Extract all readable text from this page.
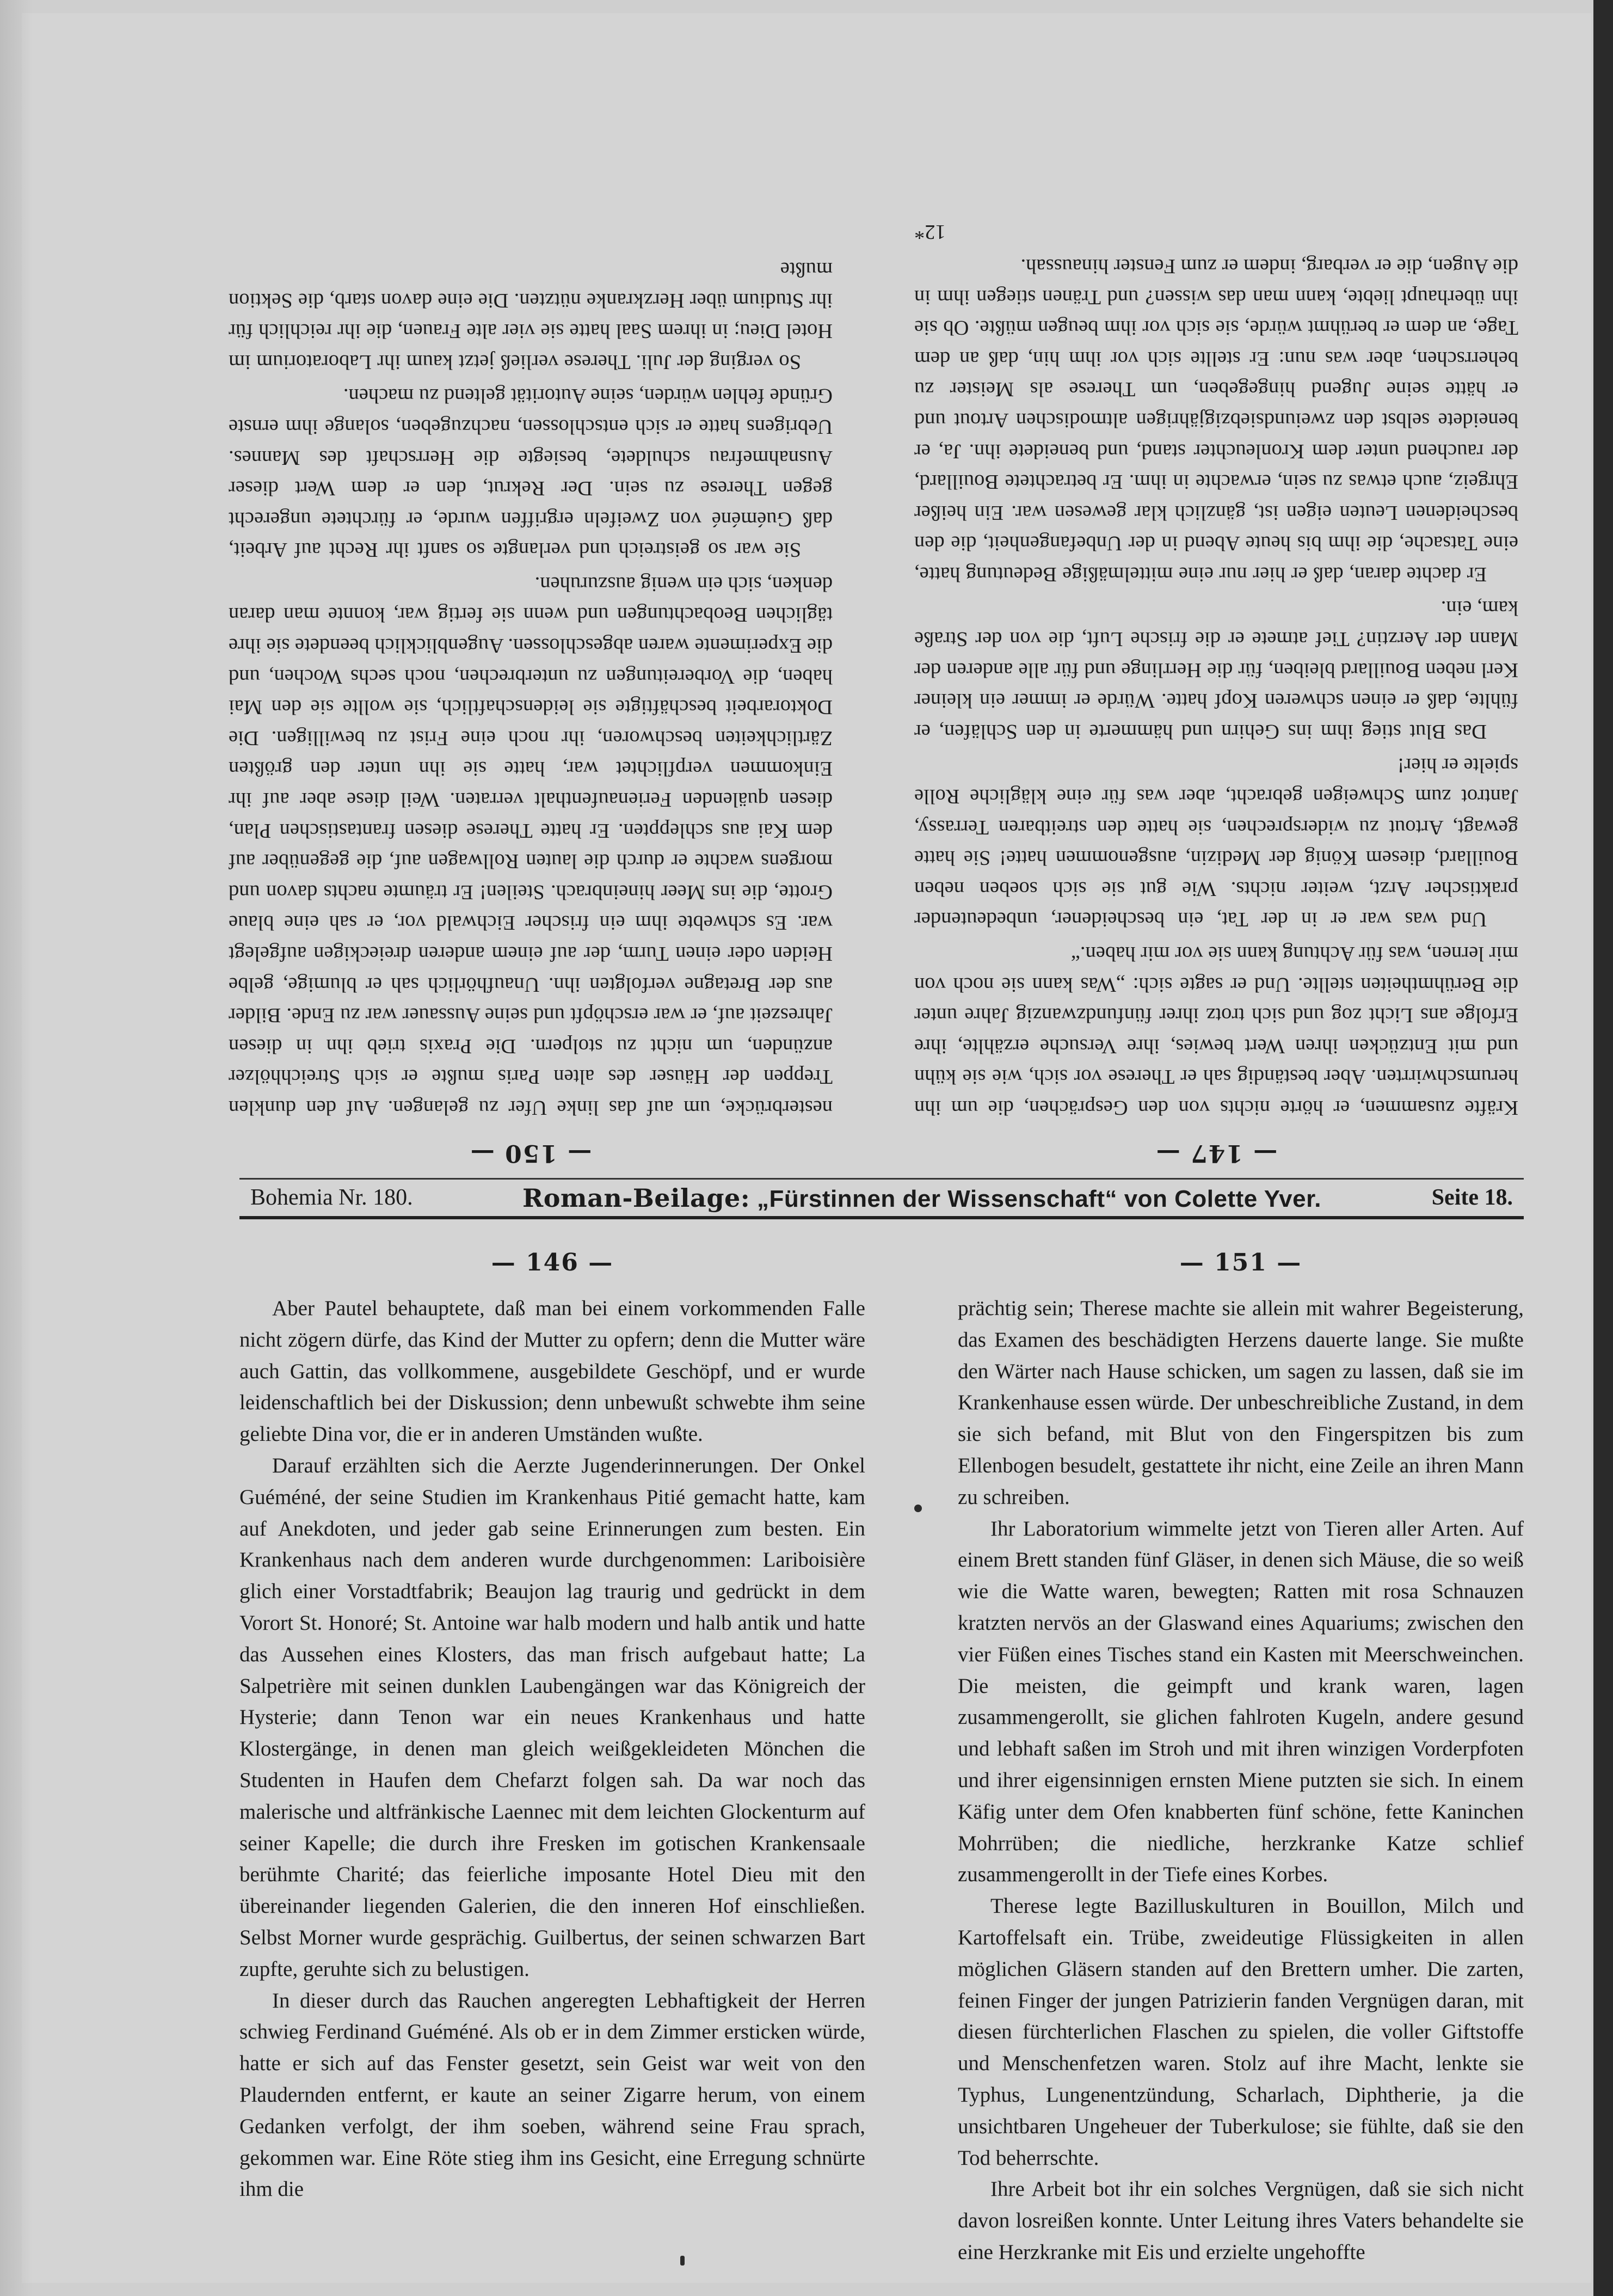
— 147 —

Kräfte zusammen, er hörte nichts von den Gesprächen, die um ihn herumschwirrten. Aber beständig sah er Therese vor sich, wie sie kühn und mit Entzücken ihren Wert bewies, ihre Versuche erzählte, ihre Erfolge ans Licht zog und sich trotz ihrer fünfundzwanzig Jahre unter die Berühmtheiten stellte. Und er sagte sich: „Was kann sie noch von mir lernen, was für Achtung kann sie vor mir haben.“

Und was war er in der Tat, ein bescheidener, unbedeutender praktischer Arzt, weiter nichts. Wie gut sie sich soeben neben Bouillard, diesem König der Medizin, ausgenommen hatte! Sie hatte gewagt, Artout zu widersprechen, sie hatte den streitbaren Terrassy, Jantrot zum Schweigen gebracht, aber was für eine klägliche Rolle spielte er hier!

Das Blut stieg ihm ins Gehirn und hämmerte in den Schläfen, er fühlte, daß er einen schweren Kopf hatte. Würde er immer ein kleiner Kerl neben Bouillard bleiben, für die Herrlinge und für alle anderen der Mann der Aerztin? Tief atmete er die frische Luft, die von der Straße kam, ein.

Er dachte daran, daß er hier nur eine mittelmäßige Bedeutung hatte, eine Tatsache, die ihm bis heute Abend in der Unbefangenheit, die den bescheidenen Leuten eigen ist, gänzlich klar gewesen war. Ein heißer Ehrgeiz, auch etwas zu sein, erwachte in ihm. Er betrachtete Bouillard, der rauchend unter dem Kronleuchter stand, und beneidete ihn. Ja, er beneidete selbst den zweiundsiebzigjährigen altmodischen Artout und er hätte seine Jugend hingegeben, um Therese als Meister zu beherrschen, aber was nun: Er stellte sich vor ihm hin, daß an dem Tage, an dem er berühmt würde, sie sich vor ihm beugen müßte. Ob sie ihn überhaupt liebte, kann man das wissen? und Tränen stiegen ihm in die Augen, die er verbarg, indem er zum Fenster hinaussah.

12*

— 150 —

nesterbrücke, um auf das linke Ufer zu gelangen. Auf den dunklen Treppen der Häuser des alten Paris mußte er sich Streichhölzer anzünden, um nicht zu stolpern. Die Praxis trieb ihn in diesen Jahreszeit auf, er war erschöpft und seine Aussauer war zu Ende. Bilder aus der Bretagne verfolgten ihn. Unaufhörlich sah er blumige, gelbe Heiden oder einen Turm, der auf einem anderen dreieckigen aufgelegt war. Es schwebte ihm ein frischer Eichwald vor, er sah eine blaue Grotte, die ins Meer hineinbrach. Steilen! Er träumte nachts davon und morgens wachte er durch die lauten Rollwagen auf, die gegenüber auf dem Kai aus schleppten. Er hatte Therese diesen frantastischen Plan, diesen quälenden Ferienaufenthalt verraten. Weil diese aber auf ihr Einkommen verpflichtet war, hatte sie ihn unter den größten Zärtlichkeiten beschworen, ihr noch eine Frist zu bewilligen. Die Doktorarbeit beschäftigte sie leidenschaftlich, sie wollte sie den Mai haben, die Vorbereitungen zu unterbrechen, noch sechs Wochen, und die Experimente waren abgeschlossen. Augenblicklich beendete sie ihre täglichen Beobachtungen und wenn sie fertig war, konnte man daran denken, sich ein wenig auszuruhen.

Sie war so geistreich und verlangte so sanft ihr Recht auf Arbeit, daß Guéméné von Zweifeln ergriffen wurde, er fürchtete ungerecht gegen Therese zu sein. Der Rekrut, den er dem Wert dieser Ausnahmefrau schuldete, besiegte die Herrschaft des Mannes. Uebrigens hatte er sich entschlossen, nachzugeben, solange ihm ernste Gründe fehlen würden, seine Autorität geltend zu machen.

So verging der Juli. Therese verließ jetzt kaum ihr Laboratorium im Hotel Dieu; in ihrem Saal hatte sie vier alte Frauen, die ihr reichlich für ihr Studium über Herzkranke nützten. Die eine davon starb, die Sektion mußte

Bohemia Nr. 180.	Roman-Beilage: „Fürstinnen der Wissenschaft“ von Colette Yver.	Seite 18.
— 146 —

Aber Pautel behauptete, daß man bei einem vorkommenden Falle nicht zögern dürfe, das Kind der Mutter zu opfern; denn die Mutter wäre auch Gattin, das vollkommene, ausgebildete Geschöpf, und er wurde leidenschaftlich bei der Diskussion; denn unbewußt schwebte ihm seine geliebte Dina vor, die er in anderen Umständen wußte.

Darauf erzählten sich die Aerzte Jugenderinnerungen. Der Onkel Guéméné, der seine Studien im Krankenhaus Pitié gemacht hatte, kam auf Anekdoten, und jeder gab seine Erinnerungen zum besten. Ein Krankenhaus nach dem anderen wurde durchgenommen: Lariboisière glich einer Vorstadtfabrik; Beaujon lag traurig und gedrückt in dem Vorort St. Honoré; St. Antoine war halb modern und halb antik und hatte das Aussehen eines Klosters, das man frisch aufgebaut hatte; La Salpetrière mit seinen dunklen Laubengängen war das Königreich der Hysterie; dann Tenon war ein neues Krankenhaus und hatte Klostergänge, in denen man gleich weißgekleideten Mönchen die Studenten in Haufen dem Chefarzt folgen sah. Da war noch das malerische und altfränkische Laennec mit dem leichten Glockenturm auf seiner Kapelle; die durch ihre Fresken im gotischen Krankensaale berühmte Charité; das feierliche imposante Hotel Dieu mit den übereinander liegenden Galerien, die den inneren Hof einschließen. Selbst Morner wurde gesprächig. Guilbertus, der seinen schwarzen Bart zupfte, geruhte sich zu belustigen.

In dieser durch das Rauchen angeregten Lebhaftigkeit der Herren schwieg Ferdinand Guéméné. Als ob er in dem Zimmer ersticken würde, hatte er sich auf das Fenster gesetzt, sein Geist war weit von den Plaudernden entfernt, er kaute an seiner Zigarre herum, von einem Gedanken verfolgt, der ihm soeben, während seine Frau sprach, gekommen war. Eine Röte stieg ihm ins Gesicht, eine Erregung schnürte ihm die

— 151 —

prächtig sein; Therese machte sie allein mit wahrer Begeisterung, das Examen des beschädigten Herzens dauerte lange. Sie mußte den Wärter nach Hause schicken, um sagen zu lassen, daß sie im Krankenhause essen würde. Der unbeschreibliche Zustand, in dem sie sich befand, mit Blut von den Fingerspitzen bis zum Ellenbogen besudelt, gestattete ihr nicht, eine Zeile an ihren Mann zu schreiben.

Ihr Laboratorium wimmelte jetzt von Tieren aller Arten. Auf einem Brett standen fünf Gläser, in denen sich Mäuse, die so weiß wie die Watte waren, bewegten; Ratten mit rosa Schnauzen kratzten nervös an der Glaswand eines Aquariums; zwischen den vier Füßen eines Tisches stand ein Kasten mit Meerschweinchen. Die meisten, die geimpft und krank waren, lagen zusammengerollt, sie glichen fahlroten Kugeln, andere gesund und lebhaft saßen im Stroh und mit ihren winzigen Vorderpfoten und ihrer eigensinnigen ernsten Miene putzten sie sich. In einem Käfig unter dem Ofen knabberten fünf schöne, fette Kaninchen Mohrrüben; die niedliche, herzkranke Katze schlief zusammengerollt in der Tiefe eines Korbes.

Therese legte Bazilluskulturen in Bouillon, Milch und Kartoffelsaft ein. Trübe, zweideutige Flüssigkeiten in allen möglichen Gläsern standen auf den Brettern umher. Die zarten, feinen Finger der jungen Patrizierin fanden Vergnügen daran, mit diesen fürchterlichen Flaschen zu spielen, die voller Giftstoffe und Menschenfetzen waren. Stolz auf ihre Macht, lenkte sie Typhus, Lungenentzündung, Scharlach, Diphtherie, ja die unsichtbaren Ungeheuer der Tuberkulose; sie fühlte, daß sie den Tod beherrschte.

Ihre Arbeit bot ihr ein solches Vergnügen, daß sie sich nicht davon losreißen konnte. Unter Leitung ihres Vaters behandelte sie eine Herzkranke mit Eis und erzielte ungehoffte
